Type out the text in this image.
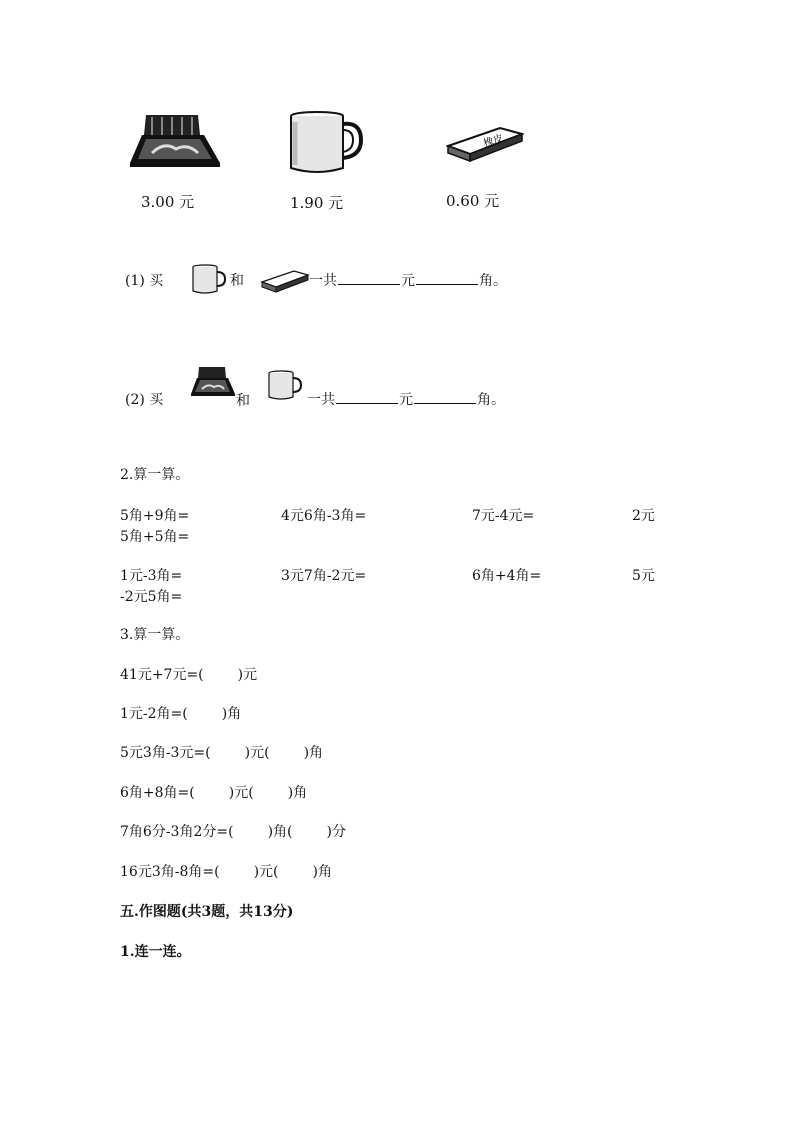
橡皮
3.00 元	1.90 元	0.60 元
(1) 买	和	一共	元	角。
(2) 买	和	一共	元	角。
2.算一算。
5角+9角=	4元6角-3角=	7元-4元=	2元
5角+5角=
1元-3角=	3元7角-2元=	6角+4角=	5元
-2元5角=
3.算一算。
41元+7元=( )元
1元-2角=( )角
5元3角-3元=( )元( )角
6角+8角=( )元( )角
7角6分-3角2分=( )角( )分
16元3角-8角=( )元( )角
五.作图题(共3题，共13分)
1.连一连。
